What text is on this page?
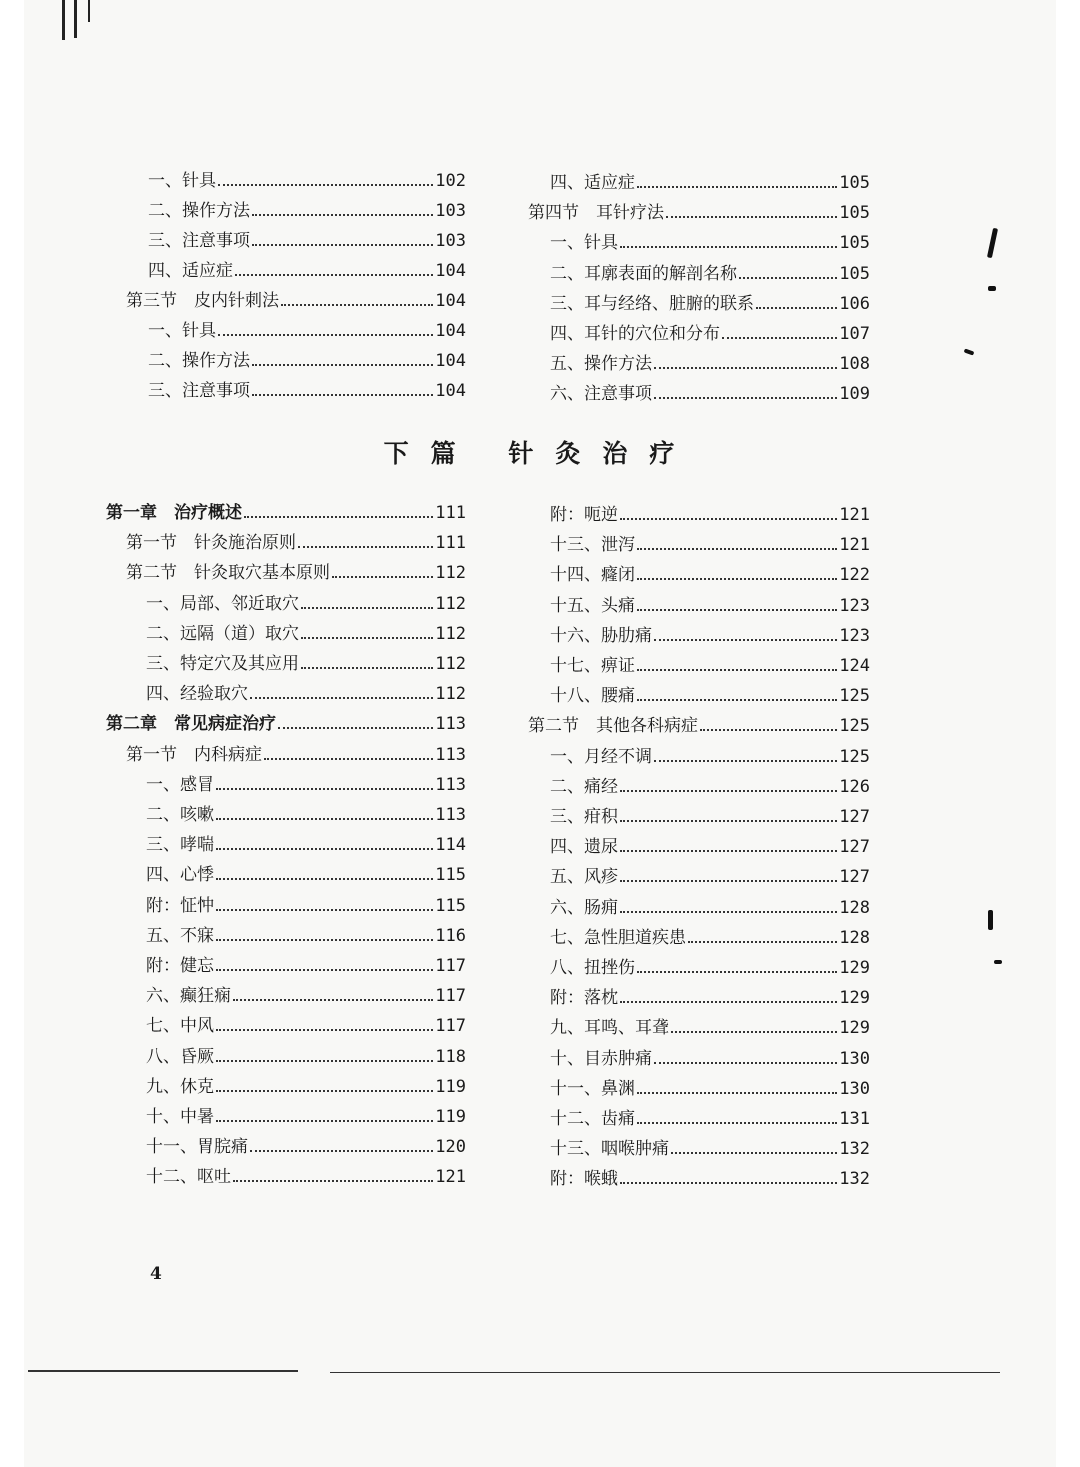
一、针具	102
二、操作方法	103
三、注意事项	103
四、适应症	104
第三节　皮内针刺法	104
一、针具	104
二、操作方法	104
三、注意事项	104
四、适应症	105
第四节　耳针疗法	105
一、针具	105
二、耳廓表面的解剖名称	105
三、耳与经络、脏腑的联系	106
四、耳针的穴位和分布	107
五、操作方法	108
六、注意事项	109
下篇 针灸治疗
第一章　治疗概述	111
第一节　针灸施治原则	111
第二节　针灸取穴基本原则	112
一、局部、邻近取穴	112
二、远隔（道）取穴	112
三、特定穴及其应用	112
四、经验取穴	112
第二章　常见病症治疗	113
第一节　内科病症	113
一、感冒	113
二、咳嗽	113
三、哮喘	114
四、心悸	115
附：怔忡	115
五、不寐	116
附：健忘	117
六、癫狂痫	117
七、中风	117
八、昏厥	118
九、休克	119
十、中暑	119
十一、胃脘痛	120
十二、呕吐	121
附：呃逆	121
十三、泄泻	121
十四、癃闭	122
十五、头痛	123
十六、胁肋痛	123
十七、痹证	124
十八、腰痛	125
第二节　其他各科病症	125
一、月经不调	125
二、痛经	126
三、疳积	127
四、遗尿	127
五、风疹	127
六、肠痈	128
七、急性胆道疾患	128
八、扭挫伤	129
附：落枕	129
九、耳鸣、耳聋	129
十、目赤肿痛	130
十一、鼻渊	130
十二、齿痛	131
十三、咽喉肿痛	132
附：喉蛾	132
4
